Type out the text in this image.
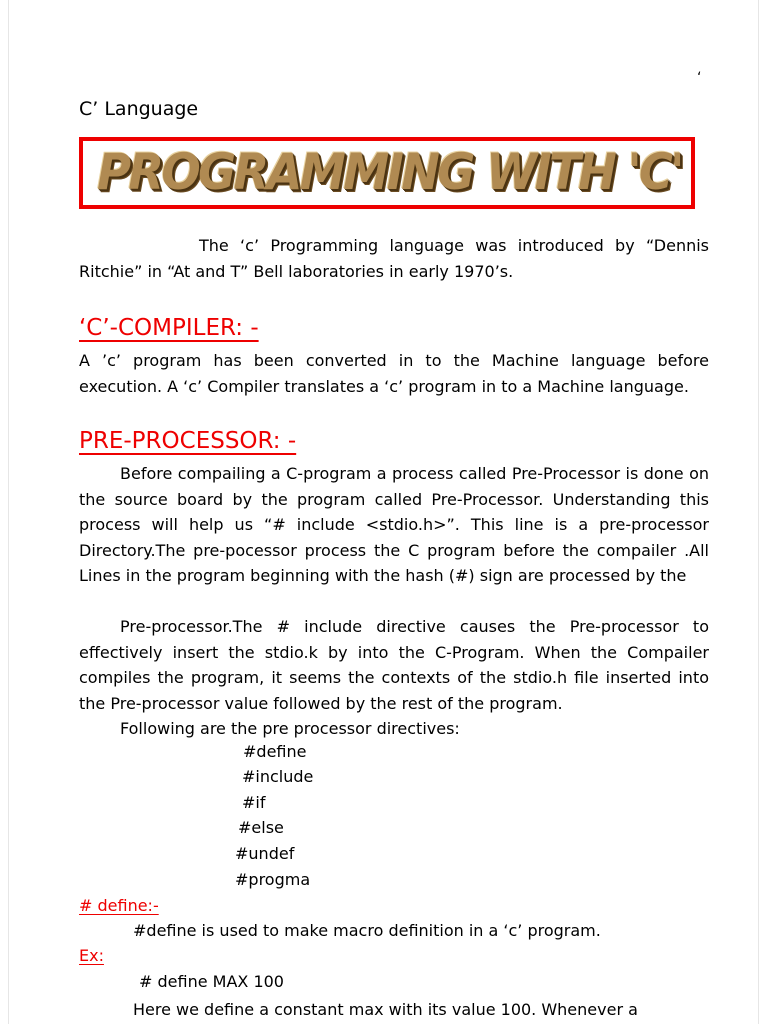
‘
C’ Language
PROGRAMMING WITH 'C'
The ‘c’ Programming language was introduced by “Dennis Ritchie” in “At and T” Bell laboratories in early 1970’s.
‘C’-COMPILER: -
A ’c’ program has been converted in to the Machine language before execution. A ‘c’ Compiler translates a ‘c’ program in to a Machine language.
PRE-PROCESSOR: -
Before compailing a C-program a process called Pre-Processor is done on the source board by the program called Pre-Processor. Understanding this process will help us “# include <stdio.h>”. This line is a pre-processor Directory.The pre-pocessor process the C program before the compailer .All Lines in the program beginning with the hash (#) sign are processed by the
Pre-processor.The # include directive causes the Pre-processor to effectively insert the stdio.k by into the C-Program. When the Compailer compiles the program, it seems the contexts of the stdio.h file inserted into the Pre-processor value followed by the rest of the program.
Following are the pre processor directives:
#define
#include
#if
#else
#undef
#progma
# define:-
#define is used to make macro definition in a ‘c’ program.
Ex:
# define MAX 100
Here we define a constant max with its value 100. Whenever a
